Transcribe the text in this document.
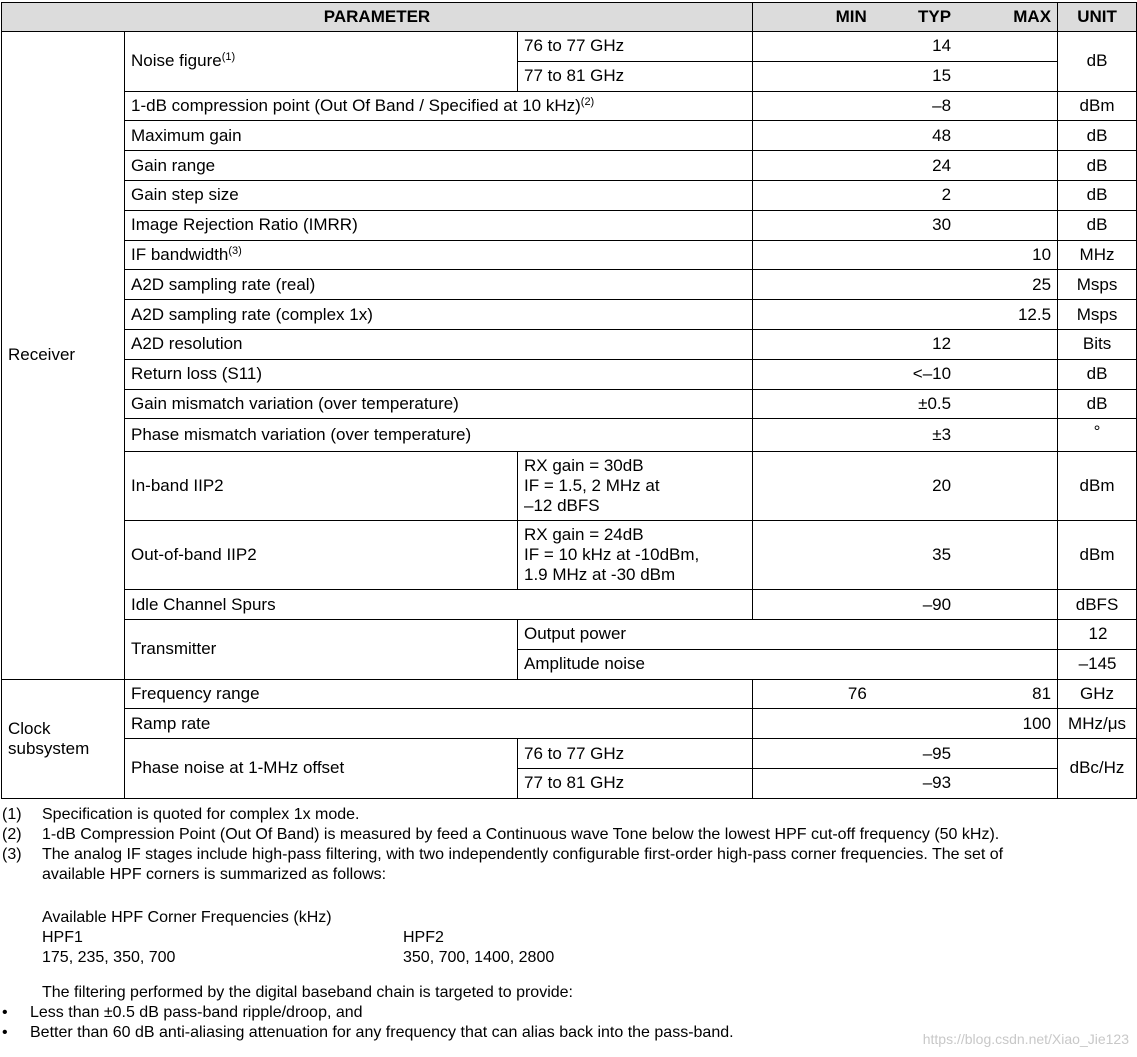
PARAMETER			MIN TYP MAX	UNIT	
Receiver	Noise figure$^{(1)}$	76 to 77 GHz	14	dB	
		77 to 81 GHz	15		

	1-dB compression point (Out Of Band / Specified at 10 kHz)$^{(2)}$		–8	dBm	
	Maximum gain		48	dB	
	Gain range		24	dB	
	Gain step size		2	dB	
	Image Rejection Ratio (IMRR)		30	dB	
	IF bandwidth$^{(3)}$		10	MHz	
	A2D sampling rate (real)		25	Msps	
	A2D sampling rate (complex 1x)		12.5	Msps	
	A2D resolution		12	Bits	
	Return loss (S11)		<–10	dB	
	Gain mismatch variation (over temperature)		±0.5	dB	
	Phase mismatch variation (over temperature)		±3	°	
	In-band IIP2	RX gain = 30dB
IF = 1.5, 2 MHz at
–12 dBFS	20	dBm	
	Out-of-band IIP2	RX gain = 24dB
IF = 10 kHz at -10dBm,
1.9 MHz at -30 dBm	35	dBm	
	Idle Channel Spurs		–90	dBFS	
	Transmitter	Output power		12

		Amplitude noise		–145

Clock subsystem	Frequency range		76 81	GHz	
	Ramp rate		100	MHz/μs	
	Phase noise at 1-MHz offset	76 to 77 GHz	–95	dBc/Hz	
		77 to 81 GHz	–93		
(1)	Specification is quoted for complex 1x mode.
(2)	1-dB Compression Point (Out Of Band) is measured by feed a Continuous wave Tone below the lowest HPF cut-off frequency (50 kHz).
(3)	The analog IF stages include high-pass filtering, with two independently configurable first-order high-pass corner frequencies. The set of
available HPF corners is summarized as follows:
Available HPF Corner Frequencies (kHz)
HPF1	HPF2
175, 235, 350, 700	350, 700, 1400, 2800
The filtering performed by the digital baseband chain is targeted to provide:
•	Less than ±0.5 dB pass-band ripple/droop, and
•	Better than 60 dB anti-aliasing attenuation for any frequency that can alias back into the pass-band.	https://blog.csdn.net/Xiao_Jie123
